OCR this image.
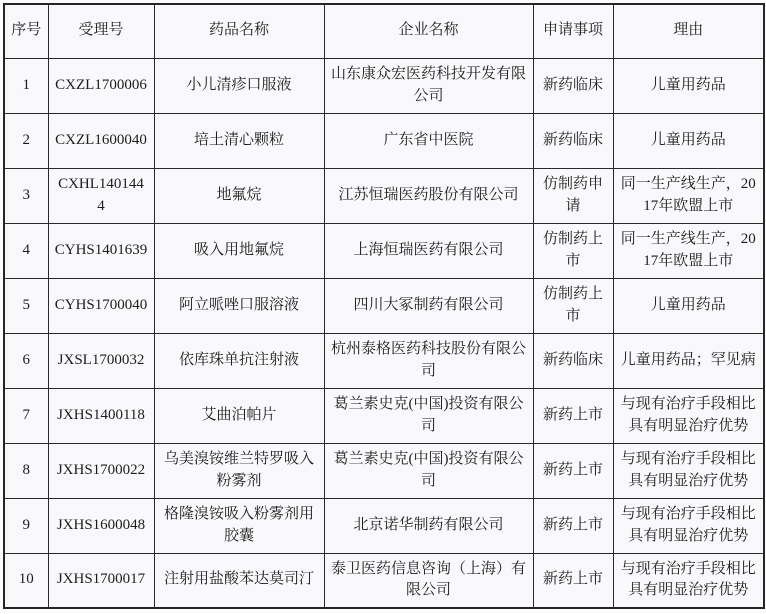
序号	受理号	药品名称	企业名称	申请事项	理由
1	CXZL1700006	小儿清疹口服液	山东康众宏医药科技开发有限公司	新药临床	儿童用药品
2	CXZL1600040	培土清心颗粒	广东省中医院	新药临床	儿童用药品
3	CXHL1401444	地氟烷	江苏恒瑞医药股份有限公司	仿制药申请	同一生产线生产，2017年欧盟上市
4	CYHS1401639	吸入用地氟烷	上海恒瑞医药有限公司	仿制药上市	同一生产线生产，2017年欧盟上市
5	CYHS1700040	阿立哌唑口服溶液	四川大冢制药有限公司	仿制药上市	儿童用药品
6	JXSL1700032	依库珠单抗注射液	杭州泰格医药科技股份有限公司	新药临床	儿童用药品；罕见病
7	JXHS1400118	艾曲泊帕片	葛兰素史克(中国)投资有限公司	新药上市	与现有治疗手段相比具有明显治疗优势
8	JXHS1700022	乌美溴铵维兰特罗吸入粉雾剂	葛兰素史克(中国)投资有限公司	新药上市	与现有治疗手段相比具有明显治疗优势
9	JXHS1600048	格隆溴铵吸入粉雾剂用胶囊	北京诺华制药有限公司	新药上市	与现有治疗手段相比具有明显治疗优势
10	JXHS1700017	注射用盐酸苯达莫司汀	泰卫医药信息咨询（上海）有限公司	新药上市	与现有治疗手段相比具有明显治疗优势
